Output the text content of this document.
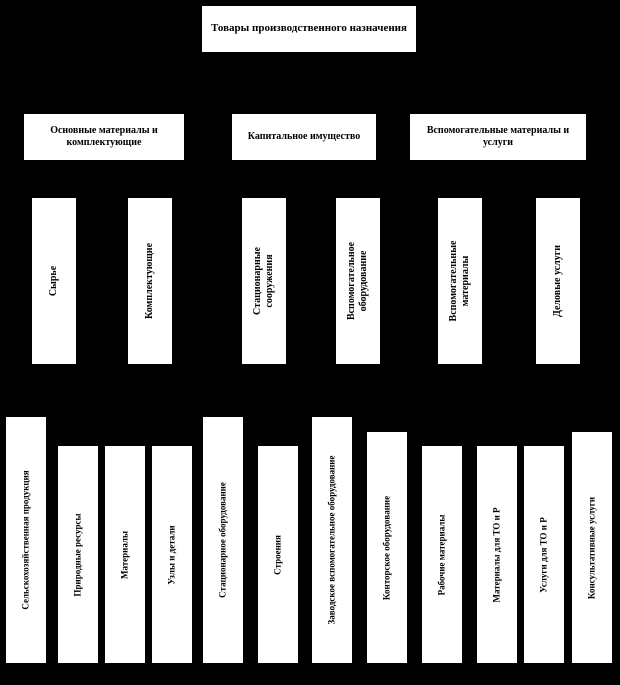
Товары производственного назначения
Основные материалы и комплектующие
Капитальное имущество
Вспомогательные материалы и услуги
Сырье	Комплектующие	Стационарные сооружения	Вспомогательное оборудование	Вспомогательные материалы	Деловые услуги
Сельскохозяйственная продукция	Природные ресурсы	Материалы	Узлы и детали	Стационарное оборудование	Строения	Заводское вспомогательное оборудование	Конторское оборудование	Рабочие материалы	Материалы для ТО и Р	Услуги для ТО и Р	Консультативные услуги
